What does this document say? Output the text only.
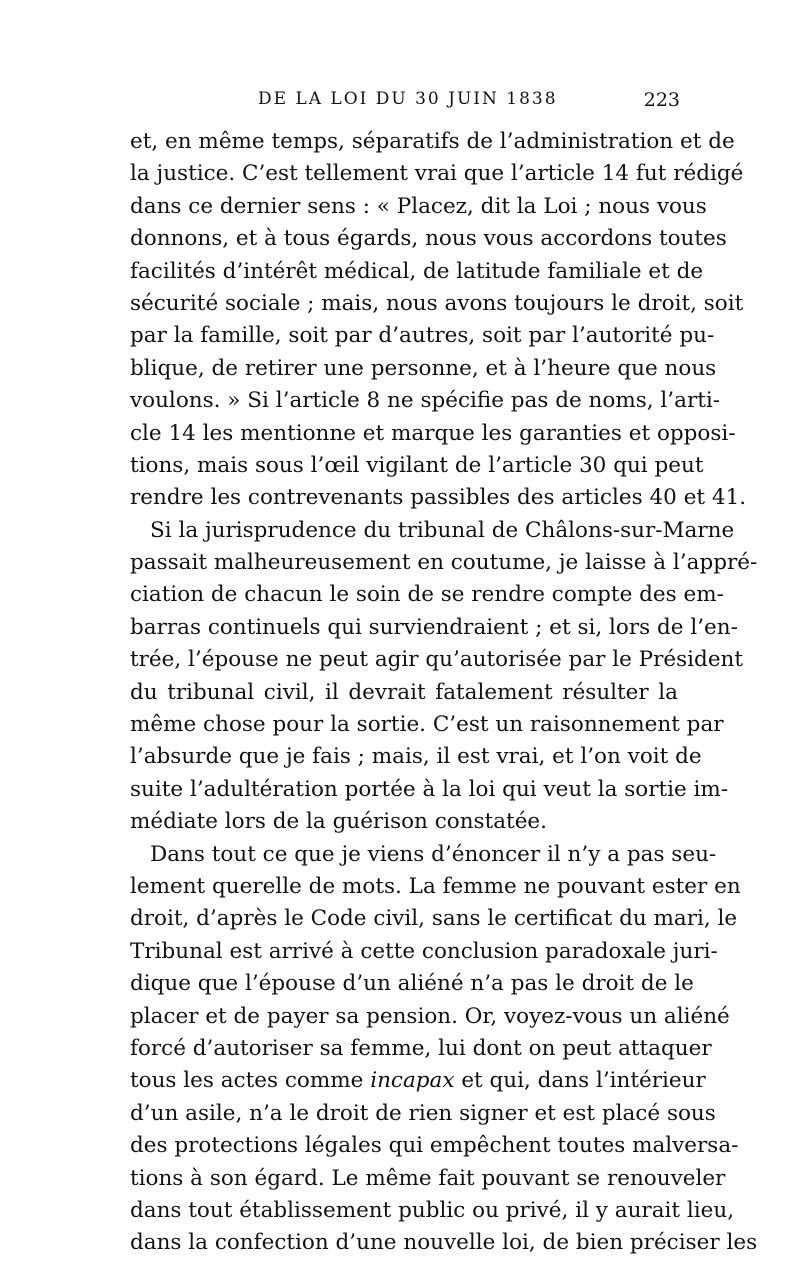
DE LA LOI DU 30 JUIN 1838	223
et, en même temps, séparatifs de l’administration et de
la justice. C’est tellement vrai que l’article 14 fut rédigé
dans ce dernier sens : « Placez, dit la Loi ; nous vous
donnons, et à tous égards, nous vous accordons toutes
facilités d’intérêt médical, de latitude familiale et de
sécurité sociale ; mais, nous avons toujours le droit, soit
par la famille, soit par d’autres, soit par l’autorité pu-
blique, de retirer une personne, et à l’heure que nous
voulons. » Si l’article 8 ne spécifie pas de noms, l’arti-
cle 14 les mentionne et marque les garanties et opposi-
tions, mais sous l’œil vigilant de l’article 30 qui peut
rendre les contrevenants passibles des articles 40 et 41.
Si la jurisprudence du tribunal de Châlons-sur-Marne
passait malheureusement en coutume, je laisse à l’appré-
ciation de chacun le soin de se rendre compte des em-
barras continuels qui surviendraient ; et si, lors de l’en-
trée, l’épouse ne peut agir qu’autorisée par le Président
du tribunal civil, il devrait fatalement résulter la
même chose pour la sortie. C’est un raisonnement par
l’absurde que je fais ; mais, il est vrai, et l’on voit de
suite l’adultération portée à la loi qui veut la sortie im-
médiate lors de la guérison constatée.
Dans tout ce que je viens d’énoncer il n’y a pas seu-
lement querelle de mots. La femme ne pouvant ester en
droit, d’après le Code civil, sans le certificat du mari, le
Tribunal est arrivé à cette conclusion paradoxale juri-
dique que l’épouse d’un aliéné n’a pas le droit de le
placer et de payer sa pension. Or, voyez-vous un aliéné
forcé d’autoriser sa femme, lui dont on peut attaquer
tous les actes comme incapax et qui, dans l’intérieur
d’un asile, n’a le droit de rien signer et est placé sous
des protections légales qui empêchent toutes malversa-
tions à son égard. Le même fait pouvant se renouveler
dans tout établissement public ou privé, il y aurait lieu,
dans la confection d’une nouvelle loi, de bien préciser les
